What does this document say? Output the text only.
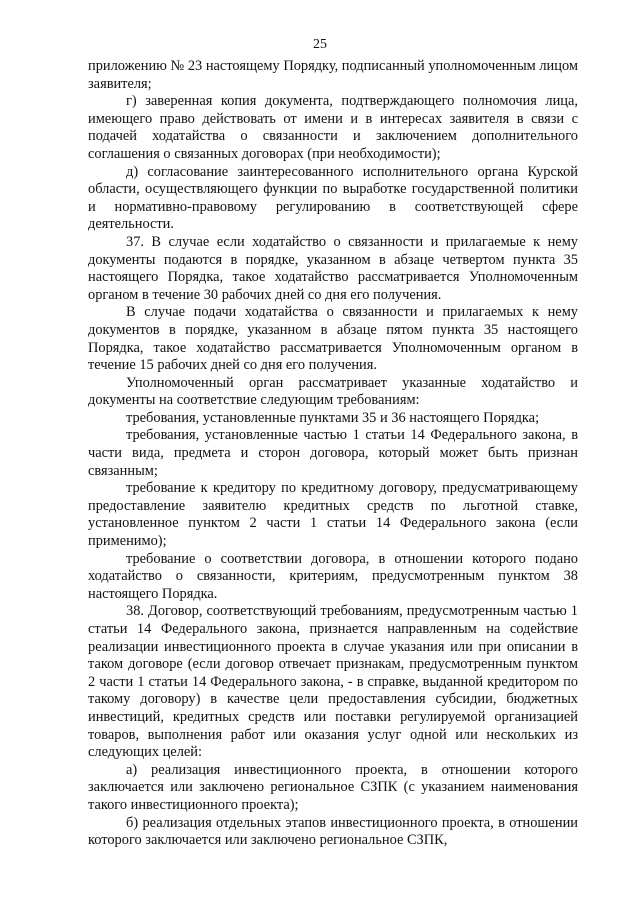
25

приложению № 23 настоящему Порядку, подписанный уполномоченным лицом заявителя;

г) заверенная копия документа, подтверждающего полномочия лица, имеющего право действовать от имени и в интересах заявителя в связи с подачей ходатайства о связанности и заключением дополнительного соглашения о связанных договорах (при необходимости);

д) согласование заинтересованного исполнительного органа Курской области, осуществляющего функции по выработке государственной политики и нормативно-правовому регулированию в соответствующей сфере деятельности.

37. В случае если ходатайство о связанности и прилагаемые к нему документы подаются в порядке, указанном в абзаце четвертом пункта 35 настоящего Порядка, такое ходатайство рассматривается Уполномоченным органом в течение 30 рабочих дней со дня его получения.

В случае подачи ходатайства о связанности и прилагаемых к нему документов в порядке, указанном в абзаце пятом пункта 35 настоящего Порядка, такое ходатайство рассматривается Уполномоченным органом в течение 15 рабочих дней со дня его получения.

Уполномоченный орган рассматривает указанные ходатайство и документы на соответствие следующим требованиям:

требования, установленные пунктами 35 и 36 настоящего Порядка;

требования, установленные частью 1 статьи 14 Федерального закона, в части вида, предмета и сторон договора, который может быть признан связанным;

требование к кредитору по кредитному договору, предусматривающему предоставление заявителю кредитных средств по льготной ставке, установленное пунктом 2 части 1 статьи 14 Федерального закона (если применимо);

требование о соответствии договора, в отношении которого подано ходатайство о связанности, критериям, предусмотренным пунктом 38 настоящего Порядка.

38. Договор, соответствующий требованиям, предусмотренным частью 1 статьи 14 Федерального закона, признается направленным на содействие реализации инвестиционного проекта в случае указания или при описании в таком договоре (если договор отвечает признакам, предусмотренным пунктом 2 части 1 статьи 14 Федерального закона, - в справке, выданной кредитором по такому договору) в качестве цели предоставления субсидии, бюджетных инвестиций, кредитных средств или поставки регулируемой организацией товаров, выполнения работ или оказания услуг одной или нескольких из следующих целей:

а) реализация инвестиционного проекта, в отношении которого заключается или заключено региональное СЗПК (с указанием наименования такого инвестиционного проекта);

б) реализация отдельных этапов инвестиционного проекта, в отношении которого заключается или заключено региональное СЗПК,
